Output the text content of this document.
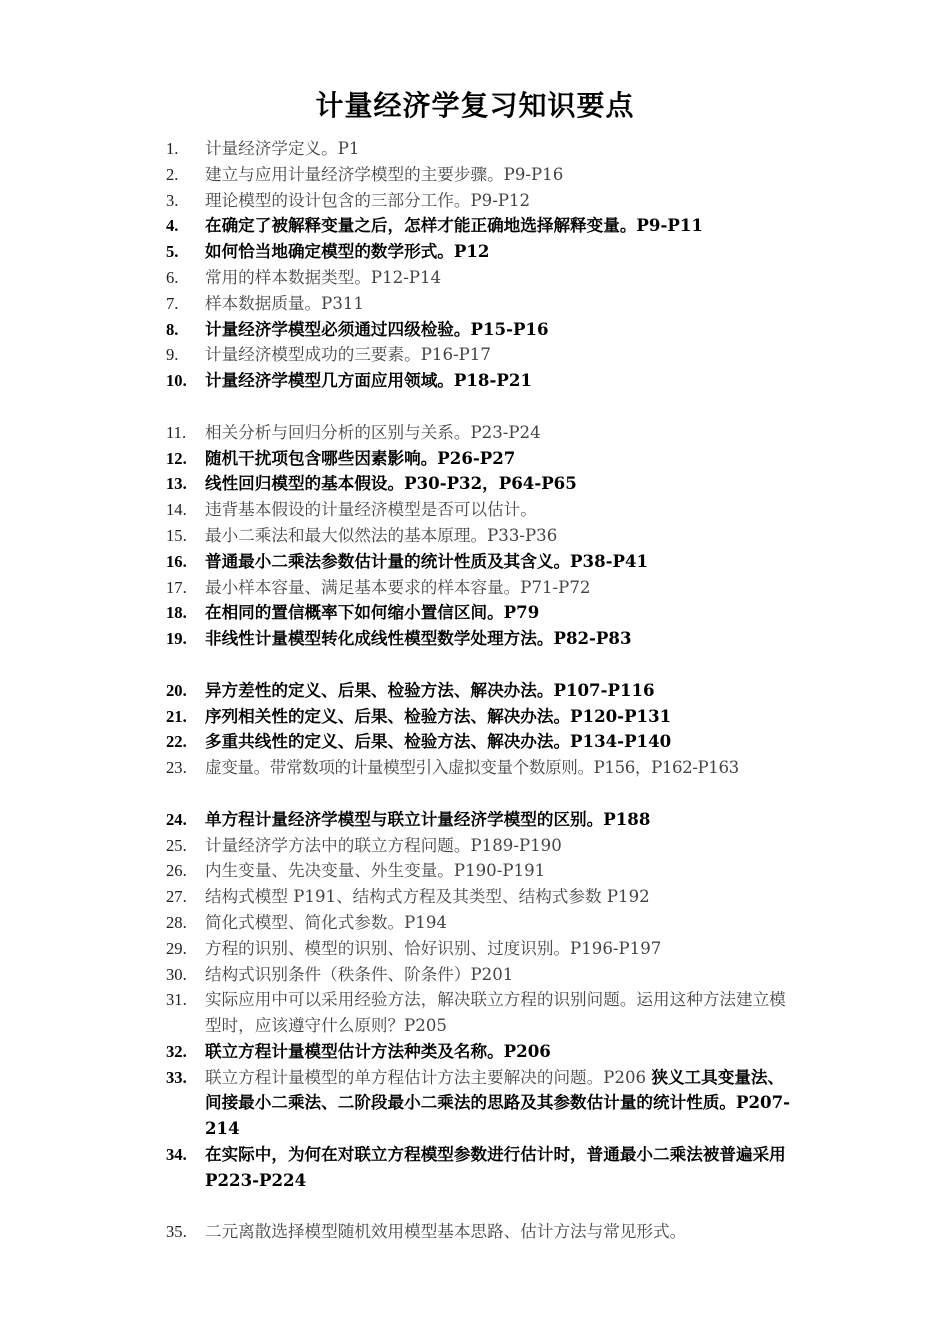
计量经济学复习知识要点
1.	计量经济学定义。P1
2.	建立与应用计量经济学模型的主要步骤。P9-P16
3.	理论模型的设计包含的三部分工作。P9-P12
4.	在确定了被解释变量之后，怎样才能正确地选择解释变量。P9-P11
5.	如何恰当地确定模型的数学形式。P12
6.	常用的样本数据类型。P12-P14
7.	样本数据质量。P311
8.	计量经济学模型必须通过四级检验。P15-P16
9.	计量经济模型成功的三要素。P16-P17
10.	计量经济学模型几方面应用领域。P18-P21
11.	相关分析与回归分析的区别与关系。P23-P24
12.	随机干扰项包含哪些因素影响。P26-P27
13.	线性回归模型的基本假设。P30-P32，P64-P65
14.	违背基本假设的计量经济模型是否可以估计。
15.	最小二乘法和最大似然法的基本原理。P33-P36
16.	普通最小二乘法参数估计量的统计性质及其含义。P38-P41
17.	最小样本容量、满足基本要求的样本容量。P71-P72
18.	在相同的置信概率下如何缩小置信区间。P79
19.	非线性计量模型转化成线性模型数学处理方法。P82-P83
20.	异方差性的定义、后果、检验方法、解决办法。P107-P116
21.	序列相关性的定义、后果、检验方法、解决办法。P120-P131
22.	多重共线性的定义、后果、检验方法、解决办法。P134-P140
23.	虚变量。带常数项的计量模型引入虚拟变量个数原则。P156，P162-P163
24.	单方程计量经济学模型与联立计量经济学模型的区别。P188
25.	计量经济学方法中的联立方程问题。P189-P190
26.	内生变量、先决变量、外生变量。P190-P191
27.	结构式模型 P191、结构式方程及其类型、结构式参数 P192
28.	简化式模型、简化式参数。P194
29.	方程的识别、模型的识别、恰好识别、过度识别。P196-P197
30.	结构式识别条件（秩条件、阶条件）P201
31.	实际应用中可以采用经验方法，解决联立方程的识别问题。运用这种方法建立模型时，应该遵守什么原则？P205
32.	联立方程计量模型估计方法种类及名称。P206
33.	联立方程计量模型的单方程估计方法主要解决的问题。P206 狭义工具变量法、间接最小二乘法、二阶段最小二乘法的思路及其参数估计量的统计性质。P207-214
34.	在实际中，为何在对联立方程模型参数进行估计时，普通最小二乘法被普遍采用 P223-P224
35.	二元离散选择模型随机效用模型基本思路、估计方法与常见形式。
